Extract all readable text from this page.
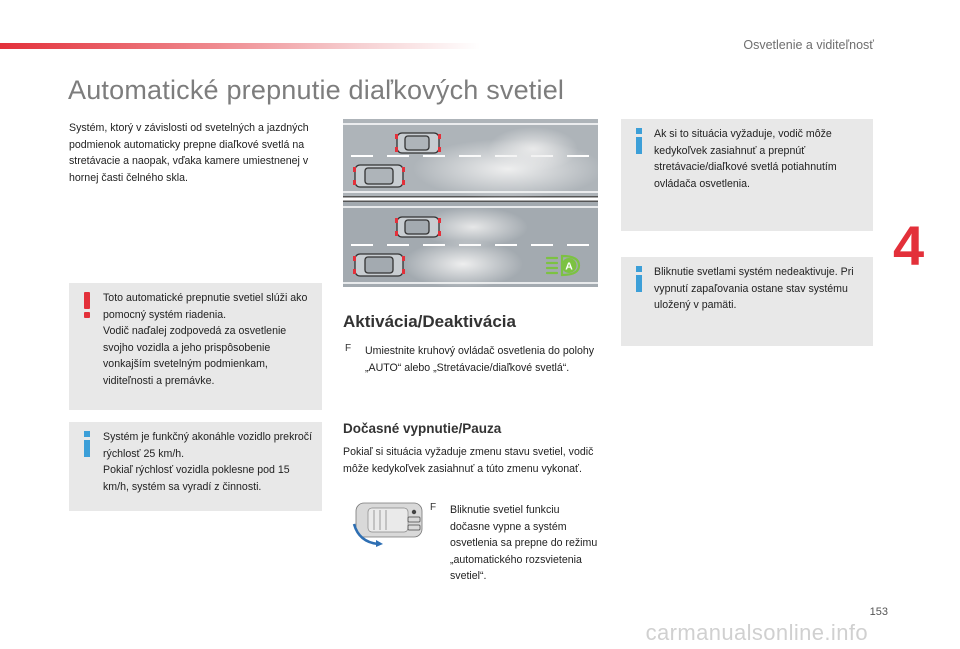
Osvetlenie a viditeľnosť
Automatické prepnutie diaľkových svetiel
Systém, ktorý v závislosti od svetelných a jazdných podmienok automaticky prepne diaľkové svetlá na stretávacie a naopak, vďaka kamere umiestnenej v hornej časti čelného skla.
Toto automatické prepnutie svetiel slúži ako pomocný systém riadenia.
Vodič naďalej zodpovedá za osvetlenie svojho vozidla a jeho prispôsobenie vonkajším svetelným podmienkam, viditeľnosti a premávke.
Systém je funkčný akonáhle vozidlo prekročí rýchlosť 25 km/h.
Pokiaľ rýchlosť vozidla poklesne pod 15 km/h, systém sa vyradí z činnosti.
A
Aktivácia/Deaktivácia
F	Umiestnite kruhový ovládač osvetlenia do polohy „AUTO“ alebo „Stretávacie/diaľkové svetlá“.
Dočasné vypnutie/Pauza
Pokiaľ si situácia vyžaduje zmenu stavu svetiel, vodič môže kedykoľvek zasiahnuť a túto zmenu vykonať.
F	Bliknutie svetiel funkciu dočasne vypne a systém osvetlenia sa prepne do režimu „automatického rozsvietenia svetiel“.
Ak si to situácia vyžaduje, vodič môže kedykoľvek zasiahnuť a prepnúť stretávacie/diaľkové svetlá potiahnutím ovládača osvetlenia.
Bliknutie svetlami systém nedeaktivuje. Pri vypnutí zapaľovania ostane stav systému uložený v pamäti.
4
153
carmanualsonline.info
